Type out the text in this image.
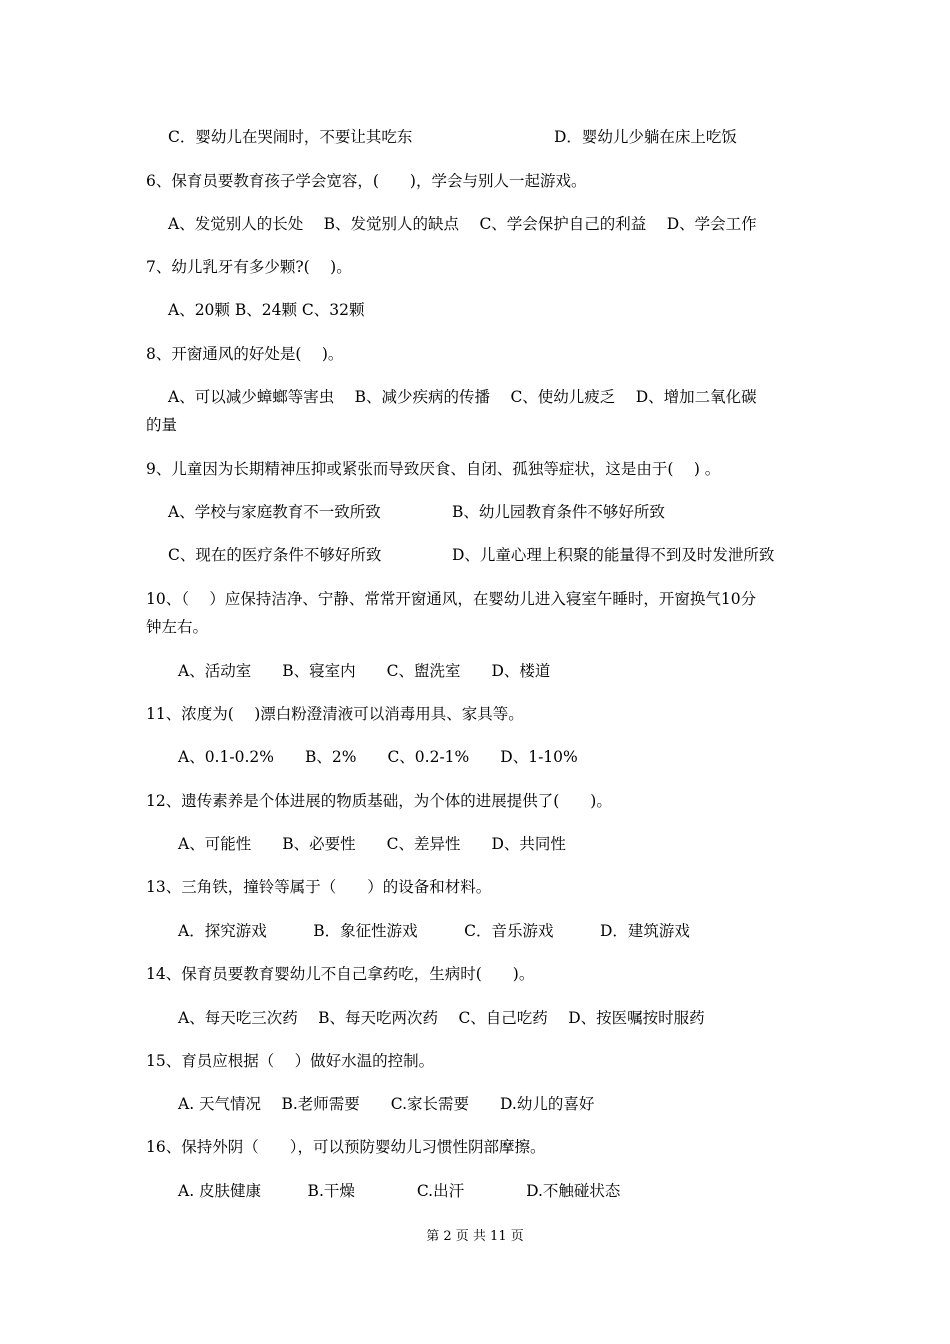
C．婴幼儿在哭闹时，不要让其吃东	D．婴幼儿少躺在床上吃饭
6、保育员要教育孩子学会宽容，(　　)，学会与别人一起游戏。
A、发觉别人的长处　 B、发觉别人的缺点　 C、学会保护自己的利益　 D、学会工作
7、幼儿乳牙有多少颗?(　 )。
A、20颗 B、24颗 C、32颗
8、开窗通风的好处是(　 )。
A、可以减少蟑螂等害虫　 B、减少疾病的传播　 C、使幼儿疲乏　 D、增加二氧化碳
的量
9、儿童因为长期精神压抑或紧张而导致厌食、自闭、孤独等症状，这是由于(　 ) 。
A、学校与家庭教育不一致所致	B、幼儿园教育条件不够好所致
C、现在的医疗条件不够好所致	D、儿童心理上积聚的能量得不到及时发泄所致
10、（　 ）应保持洁净、宁静、常常开窗通风，在婴幼儿进入寝室午睡时，开窗换气10分
钟左右。
A、活动室　　B、寝室内　　C、盥洗室　　D、楼道
11、浓度为(　 )漂白粉澄清液可以消毒用具、家具等。
A、0.1-0.2%　　B、2%　　C、0.2-1%　　D、1-10%
12、遗传素养是个体进展的物质基础，为个体的进展提供了(　　)。
A、可能性　　B、必要性　　C、差异性　　D、共同性
13、三角铁，撞铃等属于（　　）的设备和材料。
A．探究游戏　　　B．象征性游戏　　　C．音乐游戏　　　D．建筑游戏
14、保育员要教育婴幼儿不自己拿药吃，生病时(　　)。
A、每天吃三次药　 B、每天吃两次药　 C、自己吃药　 D、按医嘱按时服药
15、育员应根据（　 ）做好水温的控制。
A. 天气情况　 B.老师需要　　C.家长需要　　D.幼儿的喜好
16、保持外阴（　　），可以预防婴幼儿习惯性阴部摩擦。
A. 皮肤健康　　　B.干燥　　　　C.出汗　　　　D.不触碰状态
第 2 页 共 11 页
